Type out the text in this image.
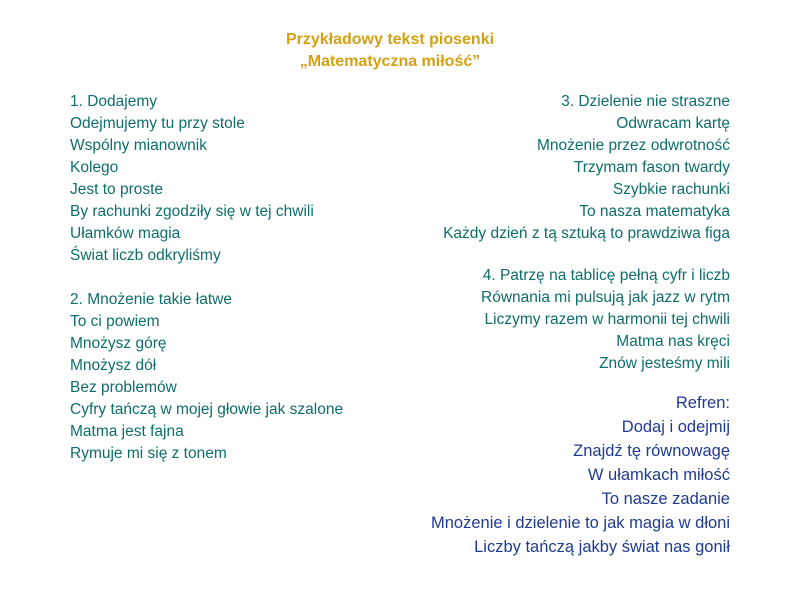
Przykładowy tekst piosenki
„Matematyczna miłość”
1. Dodajemy
Odejmujemy tu przy stole
Wspólny mianownik
Kolego
Jest to proste
By rachunki zgodziły się w tej chwili
Ułamków magia
Świat liczb odkryliśmy
2. Mnożenie takie łatwe
To ci powiem
Mnożysz górę
Mnożysz dół
Bez problemów
Cyfry tańczą w mojej głowie jak szalone
Matma jest fajna
Rymuje mi się z tonem
3. Dzielenie nie straszne
Odwracam kartę
Mnożenie przez odwrotność
Trzymam fason twardy
Szybkie rachunki
To nasza matematyka
Każdy dzień z tą sztuką to prawdziwa figa
4. Patrzę na tablicę pełną cyfr i liczb
Równania mi pulsują jak jazz w rytm
Liczymy razem w harmonii tej chwili
Matma nas kręci
Znów jesteśmy mili
Refren:
Dodaj i odejmij
Znajdź tę równowagę
W ułamkach miłość
To nasze zadanie
Mnożenie i dzielenie to jak magia w dłoni
Liczby tańczą jakby świat nas gonił
